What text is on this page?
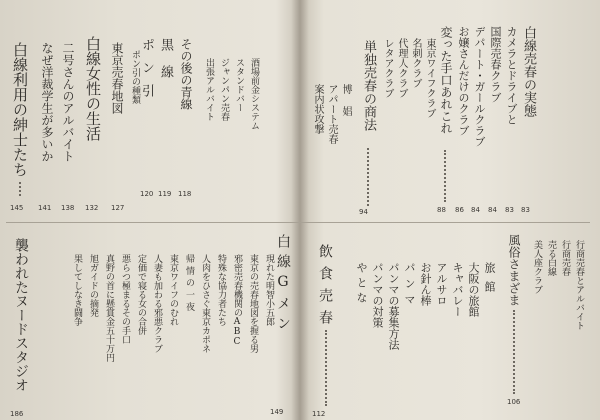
白線利用の紳士たち
145
なぜ洋裁学生が多いか
141
二号さんのアルバイト
138
白線女性の生活
132
東京売春地図
127
ポン引の種類 ポン引
120
黒線
119
その後の青線
118
出張アルバイト ジャンパン売春 スタンドバー 酒場前金システム
襲われたヌードスタジオ
186
果してしなき闘争 旭ガイドの摘発 真野の首に懸賞金五十万円 悪らつ極まるその手口 定価で寝る女の合併 人妻も加わる邪悪クラブ 東京ワイフのむれ 帰情の一夜 人肉をひさぐ東京カポネ 特殊な協力者たち 邪密売春機関のABC 東京の売春地図を握る男 現れた明智小五郎 白線Gメン
149
案内状攻撃 アパート売春 博娼 単独売春の商法
94
レタアクラブ 代理人クラブ 名刺クラブ 東京ワイフクラブ 変った手口あれこれ
88
お嬢さんだけのクラブ
86
デパート・ガールクラブ
84
国際売春クラブ
84
カメラとドライブと
83
白線売春の実態
83
飲食売春
112
やとな パンマの対策 パンマの募集方法 パンマ お針ん棒 アルサロ キャバレー 大阪の旅館 旅館 風俗さまざま
106
美人座クラブ 売る白線 行商売春 行商売春とアルバイト
